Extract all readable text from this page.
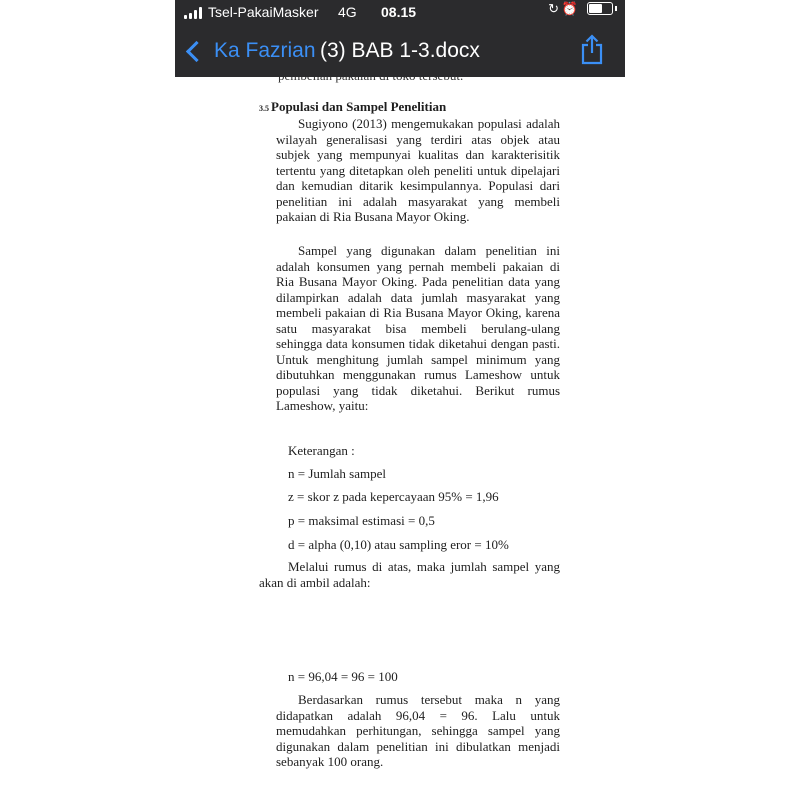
3.5 Populasi dan Sampel Penelitian

Sugiyono (2013) mengemukakan populasi adalah wilayah generalisasi yang terdiri atas objek atau subjek yang mempunyai kualitas dan karakterisitik tertentu yang ditetapkan oleh peneliti untuk dipelajari dan kemudian ditarik kesimpulannya. Populasi dari penelitian ini adalah masyarakat yang membeli pakaian di Ria Busana Mayor Oking.

Sampel yang digunakan dalam penelitian ini adalah konsumen yang pernah membeli pakaian di Ria Busana Mayor Oking. Pada penelitian data yang dilampirkan adalah data jumlah masyarakat yang membeli pakaian di Ria Busana Mayor Oking, karena satu masyarakat bisa membeli berulang-ulang sehingga data konsumen tidak diketahui dengan pasti. Untuk menghitung jumlah sampel minimum yang dibutuhkan menggunakan rumus Lameshow untuk populasi yang tidak diketahui. Berikut rumus Lameshow, yaitu:

Keterangan :
n = Jumlah sampel
z = skor z pada kepercayaan 95% = 1,96
p = maksimal estimasi = 0,5
d = alpha (0,10) atau sampling eror = 10%

Melalui rumus di atas, maka jumlah sampel yang akan di ambil adalah:

n = 96,04 = 96 = 100

Berdasarkan rumus tersebut maka n yang didapatkan adalah 96,04 = 96. Lalu untuk memudahkan perhitungan, sehingga sampel yang digunakan dalam penelitian ini dibulatkan menjadi sebanyak 100 orang.

Tsel-PakaiMasker 4G 08.15	↻ ⏰
Ka Fazrian (3) BAB 1-3.docx
